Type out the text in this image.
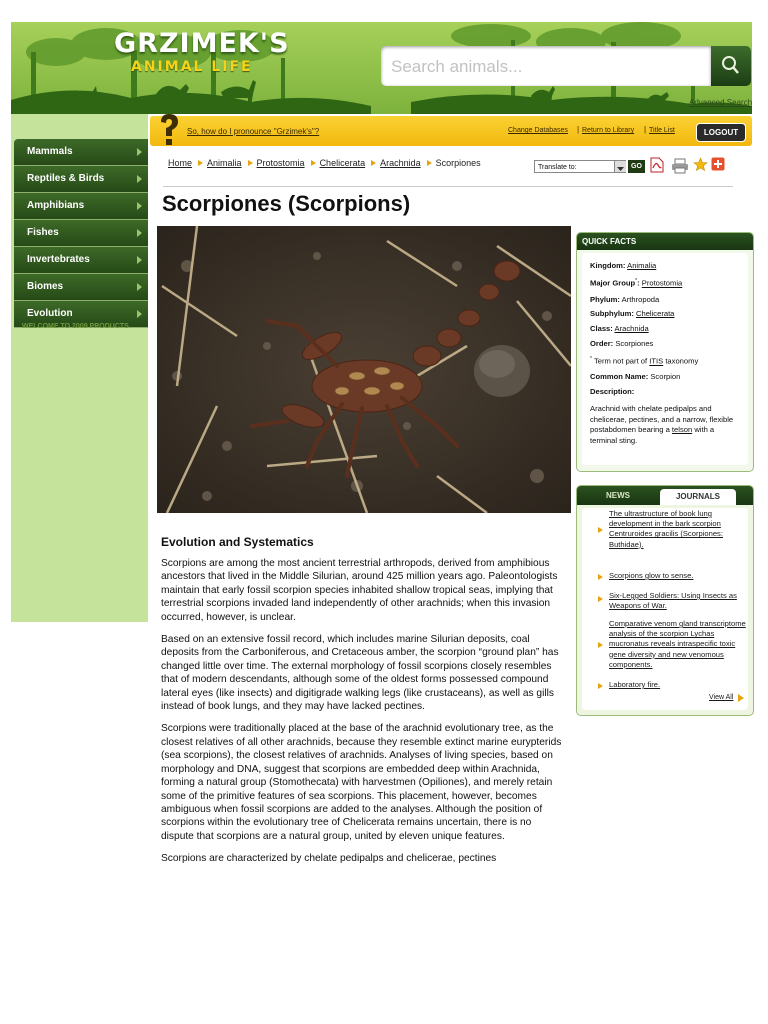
GRZIMEK'S
ANIMAL LIFE
Search animals...
Advanced Search
Mammals
Reptiles & Birds
Amphibians
Fishes
Invertebrates
Biomes
Evolution
WELCOME TO 2009 PRODUCTS
So, how do I pronounce "Grzimek's"?	Change Databases | Return to Library | Title List	LOGOUT
Home Animalia Protostomia Chelicerata Arachnida Scorpiones	Translate to:	GO
Scorpiones (Scorpions)
Evolution and Systematics

Scorpions are among the most ancient terrestrial arthropods, derived from amphibious ancestors that lived in the Middle Silurian, around 425 million years ago. Paleontologists maintain that early fossil scorpion species inhabited shallow tropical seas, implying that terrestrial scorpions invaded land independently of other arachnids; when this invasion occurred, however, is unclear.

Based on an extensive fossil record, which includes marine Silurian deposits, coal deposits from the Carboniferous, and Cretaceous amber, the scorpion “ground plan” has changed little over time. The external morphology of fossil scorpions closely resembles that of modern descendants, although some of the oldest forms possessed compound lateral eyes (like insects) and digitigrade walking legs (like crustaceans), as well as gills instead of book lungs, and they may have lacked pectines.

Scorpions were traditionally placed at the base of the arachnid evolutionary tree, as the closest relatives of all other arachnids, because they resemble extinct marine eurypterids (sea scorpions), the closest relatives of arachnids. Analyses of living species, based on morphology and DNA, suggest that scorpions are embedded deep within Arachnida, forming a natural group (Stomothecata) with harvestmen (Opiliones), and merely retain some of the primitive features of sea scorpions. This placement, however, becomes ambiguous when fossil scorpions are added to the analyses. Although the position of scorpions within the evolutionary tree of Chelicerata remains uncertain, there is no dispute that scorpions are a natural group, united by eleven unique features.

Scorpions are characterized by chelate pedipalps and chelicerae, pectines

QUICK FACTS
Kingdom: Animalia
Major Group*: Protostomia
Phylum: Arthropoda
Subphylum: Chelicerata
Class: Arachnida
Order: Scorpiones
* Term not part of ITIS taxonomy
Common Name: Scorpion
Description:
Arachnid with chelate pedipalps and chelicerae, pectines, and a narrow, flexible postabdomen bearing a telson with a terminal sting.
NEWS	JOURNALS
The ultrastructure of book lung development in the bark scorpion Centruroides gracilis (Scorpiones: Buthidae).
Scorpions glow to sense.
Six-Legged Soldiers: Using Insects as Weapons of War.
Comparative venom gland transcriptome analysis of the scorpion Lychas mucronatus reveals intraspecific toxic gene diversity and new venomous components.
Laboratory fire.
View All
